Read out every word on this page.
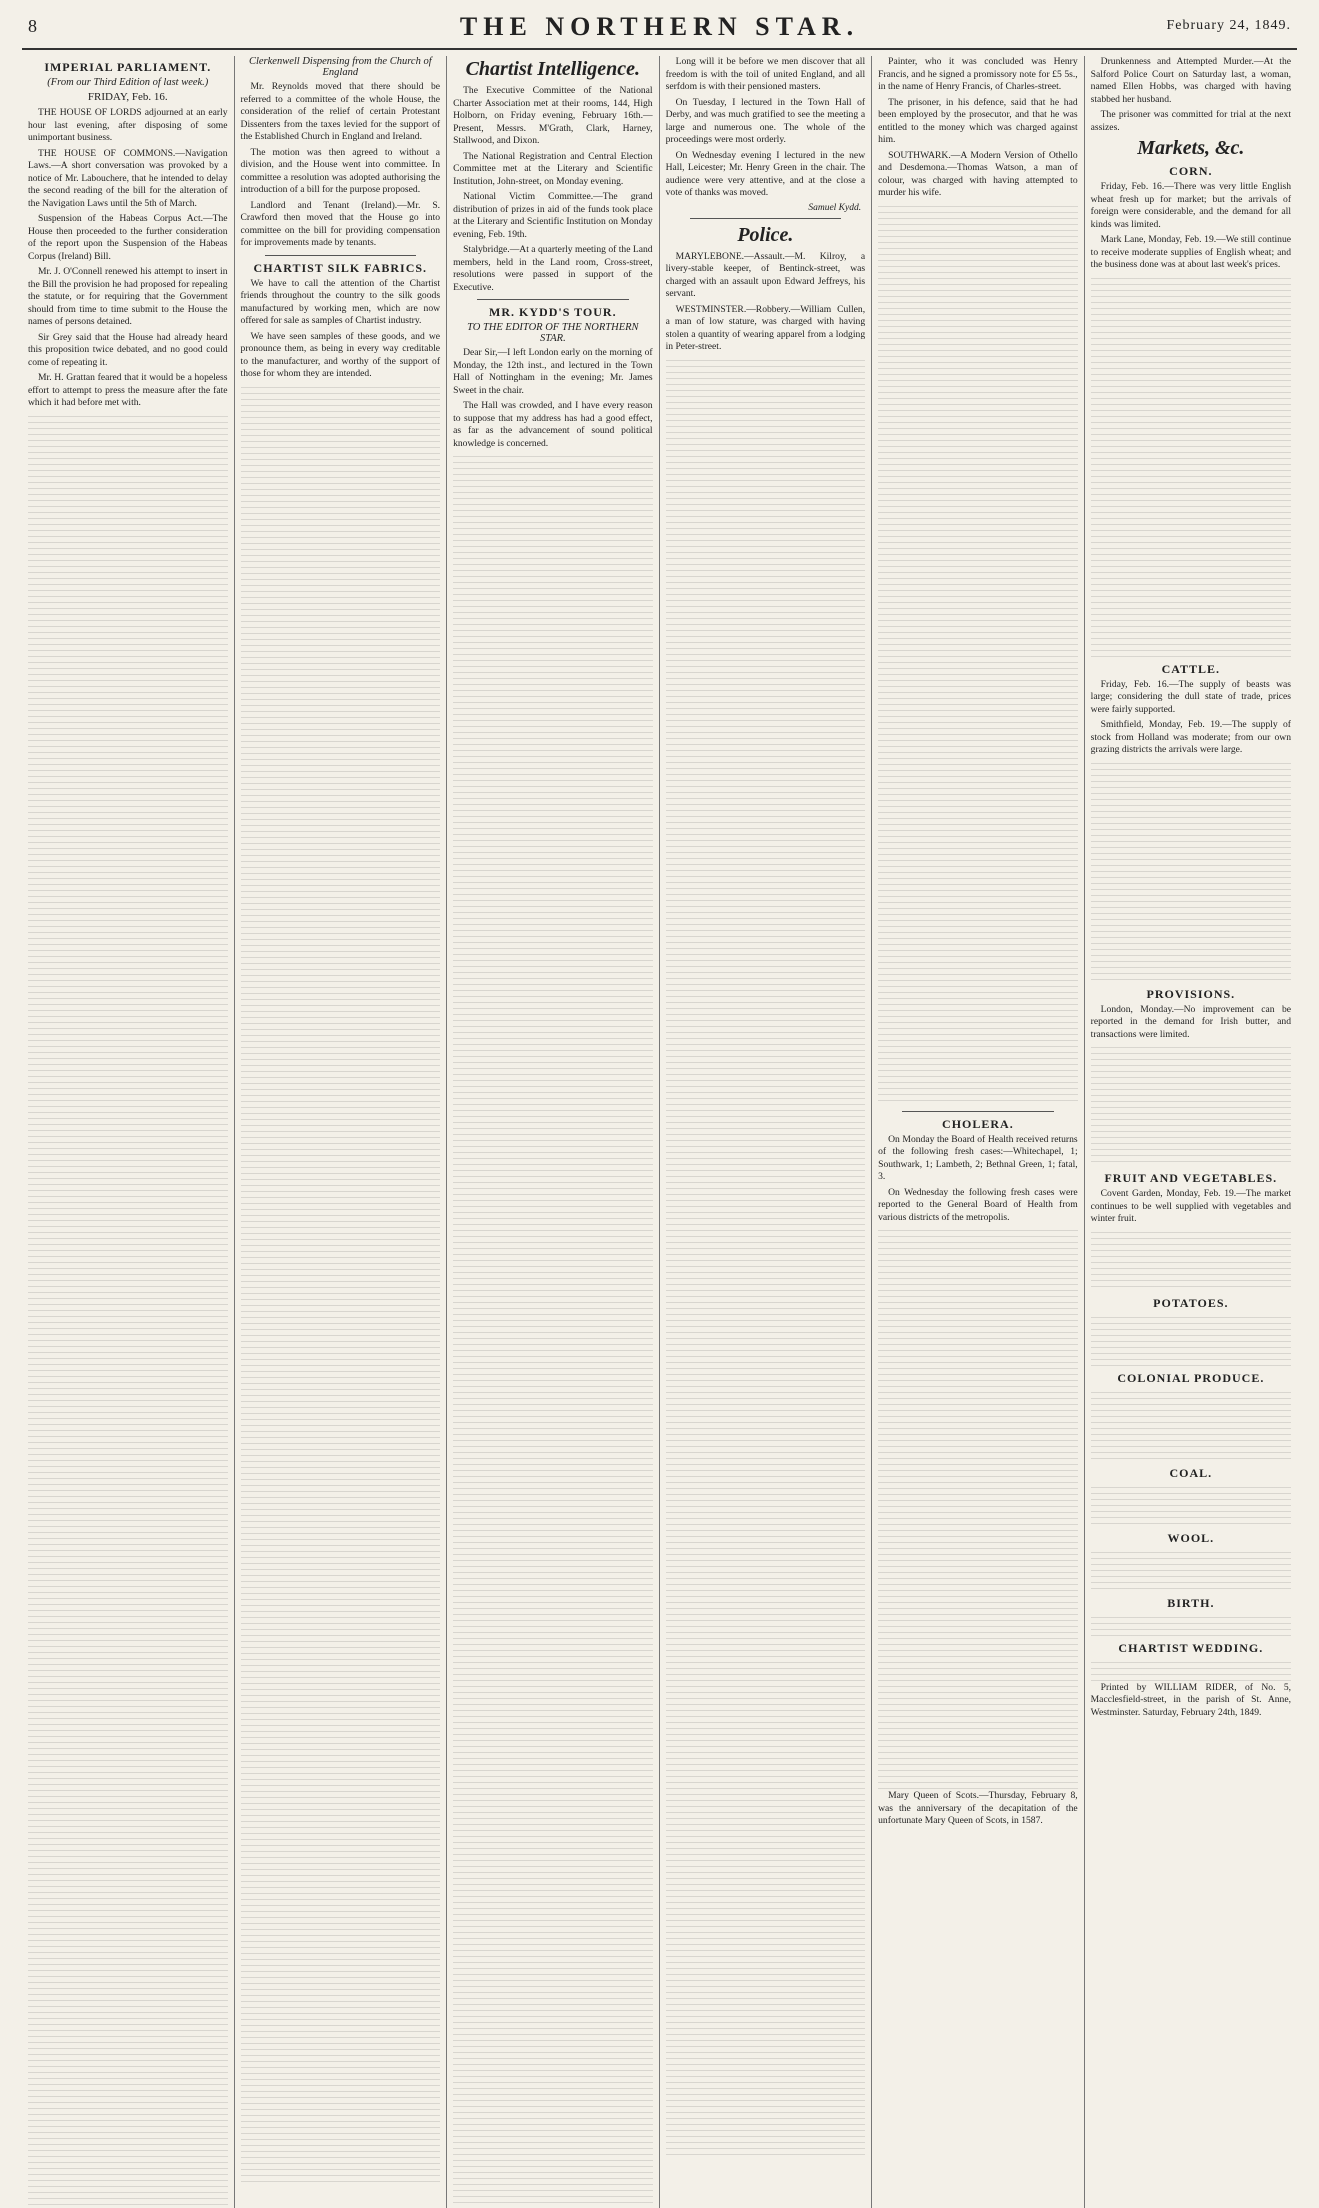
8	THE NORTHERN STAR.	February 24, 1849.
IMPERIAL PARLIAMENT.
(From our Third Edition of last week.)
FRIDAY, Feb. 16.

THE HOUSE OF LORDS adjourned at an early hour last evening, after disposing of some unimportant business.

THE HOUSE OF COMMONS.—Navigation Laws.—A short conversation was provoked by a notice of Mr. Labouchere, that he intended to delay the second reading of the bill for the alteration of the Navigation Laws until the 5th of March.

Suspension of the Habeas Corpus Act.—The House then proceeded to the further consideration of the report upon the Suspension of the Habeas Corpus (Ireland) Bill.

Mr. J. O'Connell renewed his attempt to insert in the Bill the provision he had proposed for repealing the statute, or for requiring that the Government should from time to time submit to the House the names of persons detained.

Sir Grey said that the House had already heard this proposition twice debated, and no good could come of repeating it.

Mr. H. Grattan feared that it would be a hopeless effort to attempt to press the measure after the fate which it had before met with.

Clerkenwell Dispensing from the Church of England

Mr. Reynolds moved that there should be referred to a committee of the whole House, the consideration of the relief of certain Protestant Dissenters from the taxes levied for the support of the Established Church in England and Ireland.

The motion was then agreed to without a division, and the House went into committee. In committee a resolution was adopted authorising the introduction of a bill for the purpose proposed.

Landlord and Tenant (Ireland).—Mr. S. Crawford then moved that the House go into committee on the bill for providing compensation for improvements made by tenants.

CHARTIST SILK FABRICS.

We have to call the attention of the Chartist friends throughout the country to the silk goods manufactured by working men, which are now offered for sale as samples of Chartist industry.

We have seen samples of these goods, and we pronounce them, as being in every way creditable to the manufacturer, and worthy of the support of those for whom they are intended.

Chartist Intelligence.

The Executive Committee of the National Charter Association met at their rooms, 144, High Holborn, on Friday evening, February 16th.—Present, Messrs. M'Grath, Clark, Harney, Stallwood, and Dixon.

The National Registration and Central Election Committee met at the Literary and Scientific Institution, John-street, on Monday evening.

National Victim Committee.—The grand distribution of prizes in aid of the funds took place at the Literary and Scientific Institution on Monday evening, Feb. 19th.

Stalybridge.—At a quarterly meeting of the Land members, held in the Land room, Cross-street, resolutions were passed in support of the Executive.

MR. KYDD'S TOUR.
TO THE EDITOR OF THE NORTHERN STAR.

Dear Sir,—I left London early on the morning of Monday, the 12th inst., and lectured in the Town Hall of Nottingham in the evening; Mr. James Sweet in the chair.

The Hall was crowded, and I have every reason to suppose that my address has had a good effect, as far as the advancement of sound political knowledge is concerned.

Long will it be before we men discover that all freedom is with the toil of united England, and all serfdom is with their pensioned masters.

On Tuesday, I lectured in the Town Hall of Derby, and was much gratified to see the meeting a large and numerous one. The whole of the proceedings were most orderly.

On Wednesday evening I lectured in the new Hall, Leicester; Mr. Henry Green in the chair. The audience were very attentive, and at the close a vote of thanks was moved.

Samuel Kydd.
Police.

MARYLEBONE.—Assault.—M. Kilroy, a livery-stable keeper, of Bentinck-street, was charged with an assault upon Edward Jeffreys, his servant.

WESTMINSTER.—Robbery.—William Cullen, a man of low stature, was charged with having stolen a quantity of wearing apparel from a lodging in Peter-street.

Painter, who it was concluded was Henry Francis, and he signed a promissory note for £5 5s., in the name of Henry Francis, of Charles-street.

The prisoner, in his defence, said that he had been employed by the prosecutor, and that he was entitled to the money which was charged against him.

SOUTHWARK.—A Modern Version of Othello and Desdemona.—Thomas Watson, a man of colour, was charged with having attempted to murder his wife.

CHOLERA.

On Monday the Board of Health received returns of the following fresh cases:—Whitechapel, 1; Southwark, 1; Lambeth, 2; Bethnal Green, 1; fatal, 3.

On Wednesday the following fresh cases were reported to the General Board of Health from various districts of the metropolis.

Mary Queen of Scots.—Thursday, February 8, was the anniversary of the decapitation of the unfortunate Mary Queen of Scots, in 1587.

Drunkenness and Attempted Murder.—At the Salford Police Court on Saturday last, a woman, named Ellen Hobbs, was charged with having stabbed her husband.

The prisoner was committed for trial at the next assizes.

Markets, &c.
CORN.

Friday, Feb. 16.—There was very little English wheat fresh up for market; but the arrivals of foreign were considerable, and the demand for all kinds was limited.

Mark Lane, Monday, Feb. 19.—We still continue to receive moderate supplies of English wheat; and the business done was at about last week's prices.

CATTLE.

Friday, Feb. 16.—The supply of beasts was large; considering the dull state of trade, prices were fairly supported.

Smithfield, Monday, Feb. 19.—The supply of stock from Holland was moderate; from our own grazing districts the arrivals were large.

PROVISIONS.

London, Monday.—No improvement can be reported in the demand for Irish butter, and transactions were limited.

FRUIT AND VEGETABLES.

Covent Garden, Monday, Feb. 19.—The market continues to be well supplied with vegetables and winter fruit.

POTATOES.
COLONIAL PRODUCE.
COAL.
WOOL.
BIRTH.
CHARTIST WEDDING.

Printed by WILLIAM RIDER, of No. 5, Macclesfield-street, in the parish of St. Anne, Westminster. Saturday, February 24th, 1849.
